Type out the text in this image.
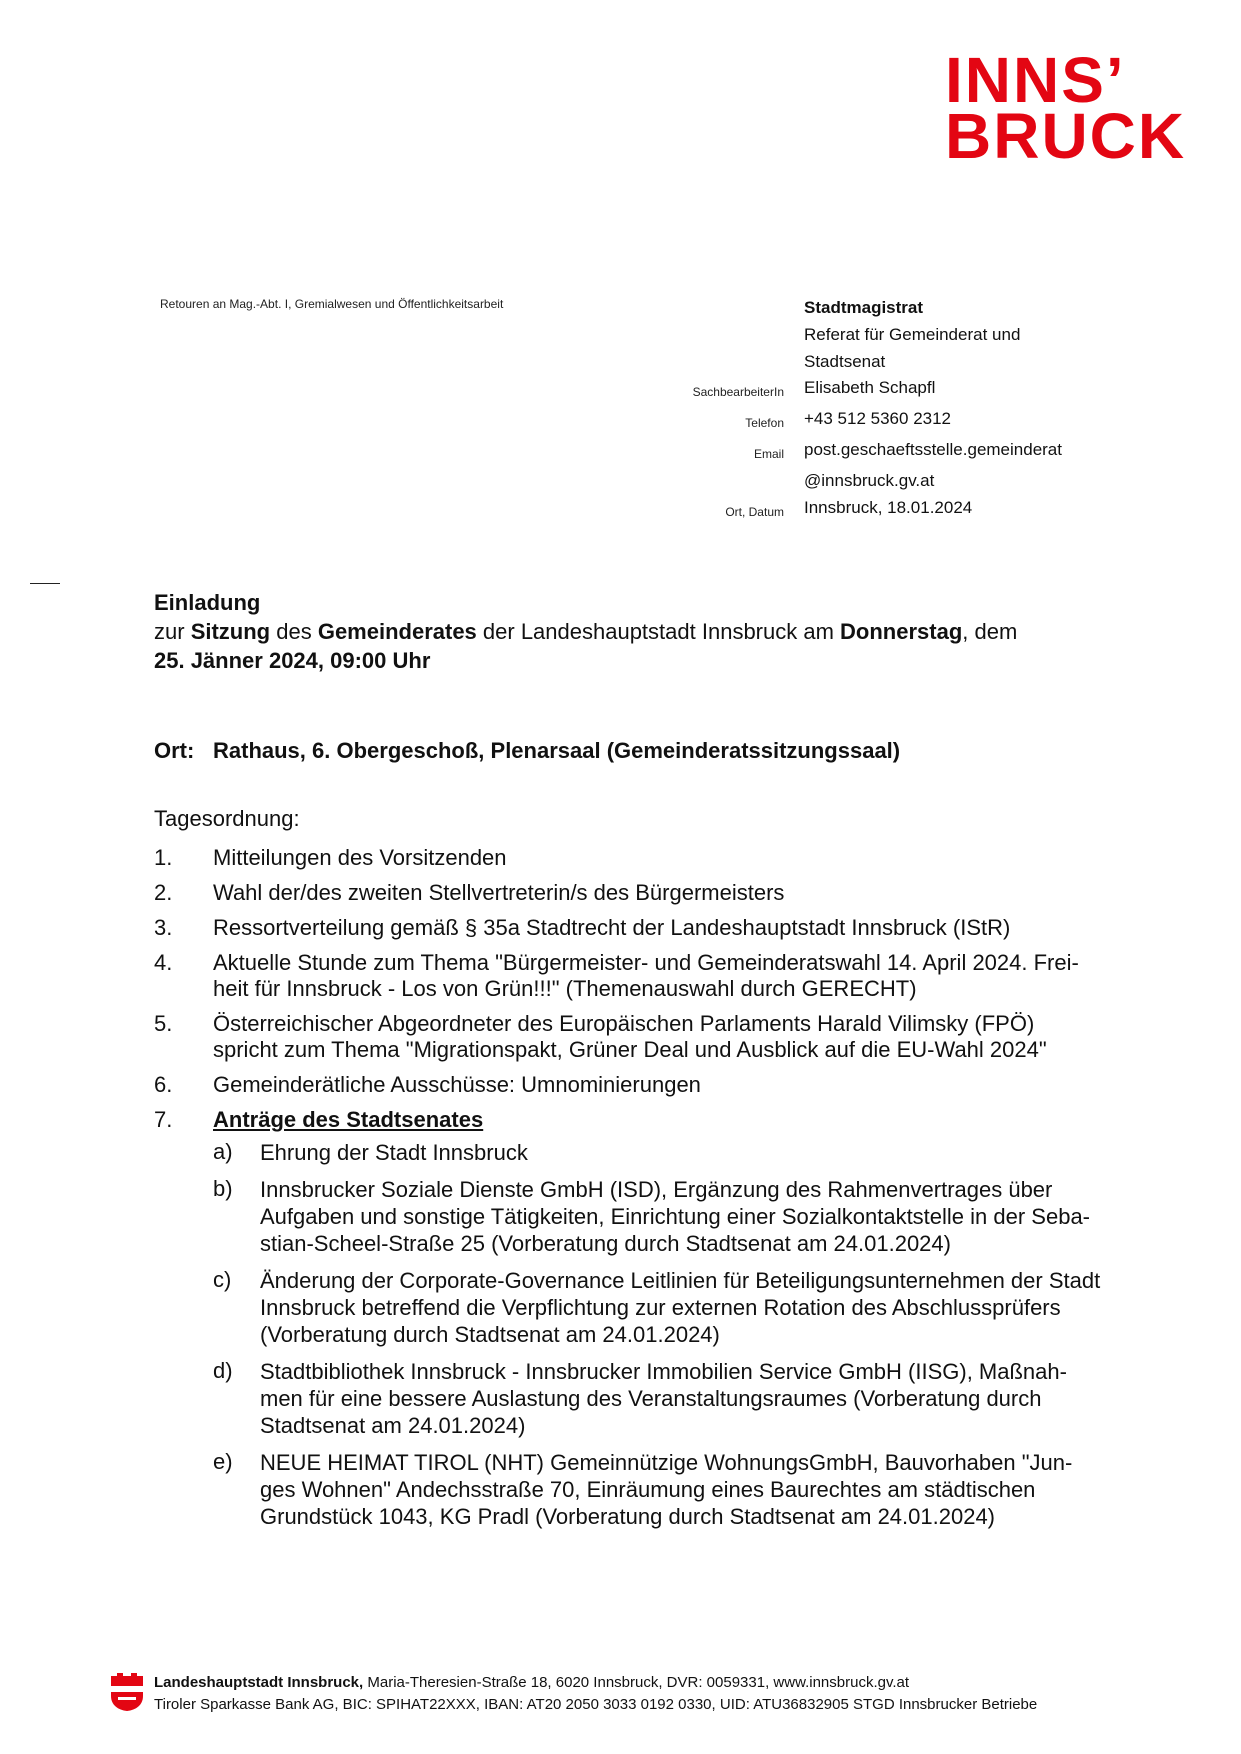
INNS’
BRUCK
Retouren an Mag.-Abt. I, Gremialwesen und Öffentlichkeitsarbeit	Stadtmagistrat
Referat für Gemeinderat und
Stadtsenat
SachbearbeiterIn	Elisabeth Schapfl
Telefon	+43 512 5360 2312
Email	post.geschaeftsstelle.gemeinderat
@innsbruck.gv.at
Ort, Datum	Innsbruck, 18.01.2024
Einladung
zur Sitzung des Gemeinderates der Landeshauptstadt Innsbruck am Donnerstag, dem
25. Jänner 2024, 09:00 Uhr
Ort: Rathaus, 6. Obergeschoß, Plenarsaal (Gemeinderatssitzungssaal)
Tagesordnung:
1.	Mitteilungen des Vorsitzenden
2.	Wahl der/des zweiten Stellvertreterin/s des Bürgermeisters
3.	Ressortverteilung gemäß § 35a Stadtrecht der Landeshauptstadt Innsbruck (IStR)
4.	Aktuelle Stunde zum Thema "Bürgermeister- und Gemeinderatswahl 14. April 2024. Frei-
heit für Innsbruck - Los von Grün!!!" (Themenauswahl durch GERECHT)
5.	Österreichischer Abgeordneter des Europäischen Parlaments Harald Vilimsky (FPÖ)
spricht zum Thema "Migrationspakt, Grüner Deal und Ausblick auf die EU-Wahl 2024"
6.	Gemeinderätliche Ausschüsse: Umnominierungen
7.	Anträge des Stadtsenates
a)	Ehrung der Stadt Innsbruck
b)	Innsbrucker Soziale Dienste GmbH (ISD), Ergänzung des Rahmenvertrages über
Aufgaben und sonstige Tätigkeiten, Einrichtung einer Sozialkontaktstelle in der Seba-
stian-Scheel-Straße 25 (Vorberatung durch Stadtsenat am 24.01.2024)
c)	Änderung der Corporate-Governance Leitlinien für Beteiligungsunternehmen der Stadt
Innsbruck betreffend die Verpflichtung zur externen Rotation des Abschlussprüfers
(Vorberatung durch Stadtsenat am 24.01.2024)
d)	Stadtbibliothek Innsbruck - Innsbrucker Immobilien Service GmbH (IISG), Maßnah-
men für eine bessere Auslastung des Veranstaltungsraumes (Vorberatung durch
Stadtsenat am 24.01.2024)
e)	NEUE HEIMAT TIROL (NHT) Gemeinnützige WohnungsGmbH, Bauvorhaben "Jun-
ges Wohnen" Andechsstraße 70, Einräumung eines Baurechtes am städtischen
Grundstück 1043, KG Pradl (Vorberatung durch Stadtsenat am 24.01.2024)
Landeshauptstadt Innsbruck, Maria-Theresien-Straße 18, 6020 Innsbruck, DVR: 0059331, www.innsbruck.gv.at
Tiroler Sparkasse Bank AG, BIC: SPIHAT22XXX, IBAN: AT20 2050 3033 0192 0330, UID: ATU36832905 STGD Innsbrucker Betriebe
